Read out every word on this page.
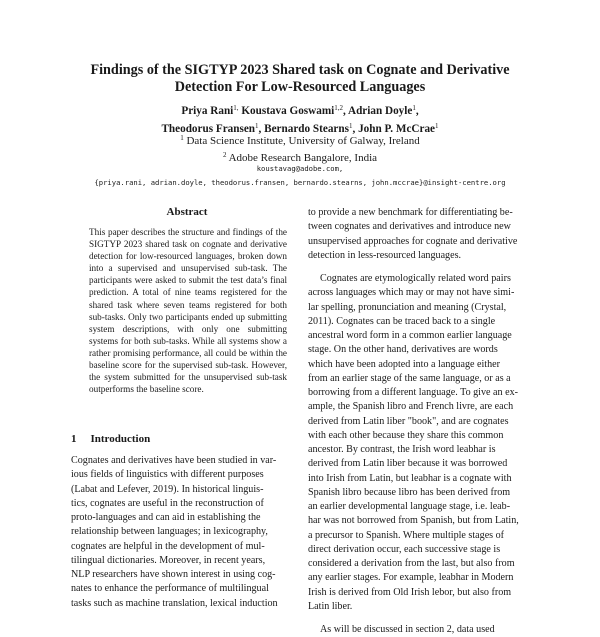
Findings of the SIGTYP 2023 Shared task on Cognate and Derivative
Detection For Low-Resourced Languages
Priya Rani$^{1,}$ Koustava Goswami$^{1,2}$, Adrian Doyle$^1$,
Theodorus Fransen$^1$, Bernardo Stearns$^1$, John P. McCrae$^1$
$^1$ Data Science Institute, University of Galway, Ireland
$^2$ Adobe Research Bangalore, India
koustavag@adobe.com,
{priya.rani, adrian.doyle, theodorus.fransen, bernardo.stearns, john.mccrae}@insight-centre.org
Abstract

This paper describes the structure and findings of the SIGTYP 2023 shared task on cognate and derivative detection for low-resourced languages, broken down into a supervised and unsupervised sub-task. The participants were asked to submit the test data’s final prediction. A total of nine teams registered for the shared task where seven teams registered for both sub-tasks. Only two participants ended up submitting system descriptions, with only one submitting systems for both sub-tasks. While all systems show a rather promising performance, all could be within the baseline score for the supervised sub-task. However, the system submitted for the unsupervised sub-task outperforms the baseline score.

1 Introduction
Cognates and derivatives have been studied in var-
ious fields of linguistics with different purposes
(Labat and Lefever, 2019). In historical linguis-
tics, cognates are useful in the reconstruction of
proto-languages and can aid in establishing the
relationship between languages; in lexicography,
cognates are helpful in the development of mul-
tilingual dictionaries. Moreover, in recent years,
NLP researchers have shown interest in using cog-
nates to enhance the performance of multilingual
tasks such as machine translation, lexical induction
to provide a new benchmark for differentiating be-
tween cognates and derivatives and introduce new
unsupervised approaches for cognate and derivative
detection in less-resourced languages.
Cognates are etymologically related word pairs
across languages which may or may not have simi-
lar spelling, pronunciation and meaning (Crystal,
2011). Cognates can be traced back to a single
ancestral word form in a common earlier language
stage. On the other hand, derivatives are words
which have been adopted into a language either
from an earlier stage of the same language, or as a
borrowing from a different language. To give an ex-
ample, the Spanish libro and French livre, are each
derived from Latin liber "book", and are cognates
with each other because they share this common
ancestor. By contrast, the Irish word leabhar is
derived from Latin liber because it was borrowed
into Irish from Latin, but leabhar is a cognate with
Spanish libro because libro has been derived from
an earlier developmental language stage, i.e. leab-
har was not borrowed from Spanish, but from Latin,
a precursor to Spanish. Where multiple stages of
direct derivation occur, each successive stage is
considered a derivation from the last, but also from
any earlier stages. For example, leabhar in Modern
Irish is derived from Old Irish lebor, but also from
Latin liber.
As will be discussed in section 2, data used
